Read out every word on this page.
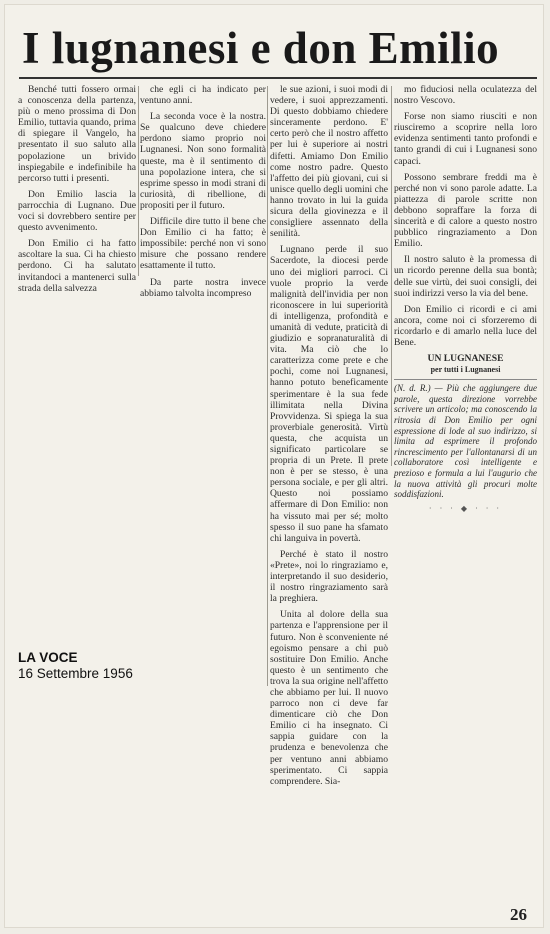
I lugnanesi e don Emilio

Benché tutti fossero ormai a conoscenza della partenza, più o meno prossima di Don Emilio, tuttavia quando, prima di spiegare il Vangelo, ha presentato il suo saluto alla popolazione un brivido inspiegabile e indefinibile ha percorso tutti i presenti.

Don Emilio lascia la parrocchia di Lugnano. Due voci si dovrebbero sentire per questo avvenimento.

Don Emilio ci ha fatto ascoltare la sua. Ci ha chiesto perdono. Ci ha salutato invitandoci a mantenerci sulla strada della salvezza

che egli ci ha indicato per ventuno anni.

La seconda voce è la nostra. Se qualcuno deve chiedere perdono siamo proprio noi Lugnanesi. Non sono formalità queste, ma è il sentimento di una popolazione intera, che si esprime spesso in modi strani di curiosità, di ribellione, di propositi per il futuro.

Difficile dire tutto il bene che Don Emilio ci ha fatto; è impossibile: perché non vi sono misure che possano rendere esattamente il tutto.

Da parte nostra invece abbiamo talvolta incompreso

le sue azioni, i suoi modi di vedere, i suoi apprezzamenti. Di questo dobbiamo chiedere sinceramente perdono. E' certo però che il nostro affetto per lui è superiore ai nostri difetti. Amiamo Don Emilio come nostro padre. Questo l'affetto dei più giovani, cui si unisce quello degli uomini che hanno trovato in lui la guida sicura della giovinezza e il consigliere assennato della senilità.

Lugnano perde il suo Sacerdote, la diocesi perde uno dei migliori parroci. Ci vuole proprio la verde malignità dell'invidia per non riconoscere in lui superiorità di intelligenza, profondità e umanità di vedute, praticità di giudizio e sopranaturalità di vita. Ma ciò che lo caratterizza come prete e che pochi, come noi Lugnanesi, hanno potuto beneficamente sperimentare è la sua fede illimitata nella Divina Provvidenza. Si spiega la sua proverbiale generosità. Virtù questa, che acquista un significato particolare se propria di un Prete. Il prete non è per se stesso, è una persona sociale, e per gli altri. Questo noi possiamo affermare di Don Emilio: non ha vissuto mai per sé; molto spesso il suo pane ha sfamato chi languiva in povertà.

Perché è stato il nostro «Prete», noi lo ringraziamo e, interpretando il suo desiderio, il nostro ringraziamento sarà la preghiera.

Unita al dolore della sua partenza e l'apprensione per il futuro. Non è sconveniente né egoismo pensare a chi può sostituire Don Emilio. Anche questo è un sentimento che trova la sua origine nell'affetto che abbiamo per lui. Il nuovo parroco non ci deve far dimenticare ciò che Don Emilio ci ha insegnato. Ci sappia guidare con la prudenza e benevolenza che per ventuno anni abbiamo sperimentato. Ci sappia comprendere. Sia-

mo fiduciosi nella oculatezza del nostro Vescovo.

Forse non siamo riusciti e non riusciremo a scoprire nella loro evidenza sentimenti tanto profondi e tanto grandi di cui i Lugnanesi sono capaci.

Possono sembrare freddi ma è perché non vi sono parole adatte. La piattezza di parole scritte non debbono sopraffare la forza di sincerità e di calore a questo nostro pubblico ringraziamento a Don Emilio.

Il nostro saluto è la promessa di un ricordo perenne della sua bontà; delle sue virtù, dei suoi consigli, dei suoi indirizzi verso la via del bene.

Don Emilio ci ricordi e ci ami ancora, come noi ci sforzeremo di ricordarlo e di amarlo nella luce del Bene.

UN LUGNANESE
per tutti i Lugnanesi
(N. d. R.) — Più che aggiungere due parole, questa direzione vorrebbe scrivere un articolo; ma conoscendo la ritrosia di Don Emilio per ogni espressione di lode al suo indirizzo, si limita ad esprimere il profondo rincrescimento per l'allontanarsi di un collaboratore così intelligente e prezioso e formula a lui l'augurio che la nuova attività gli procuri molte soddisfazioni.
· · · ◆ · · ·
LA VOCE
16 Settembre 1956
26
